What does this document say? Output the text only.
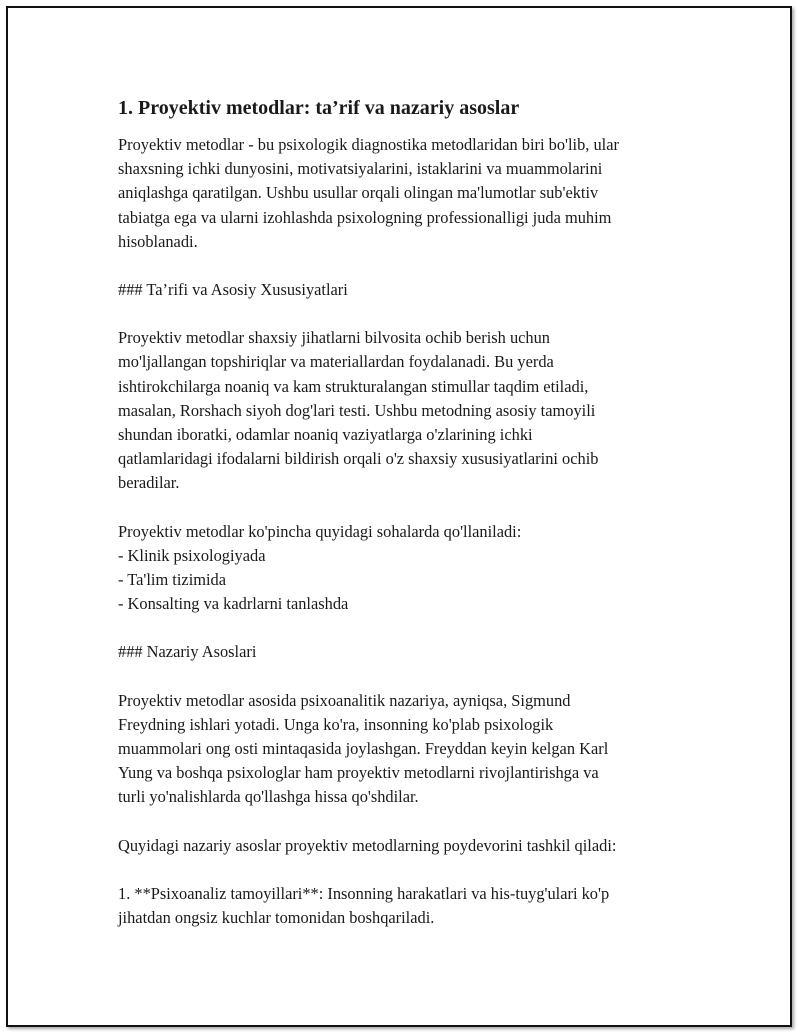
1. Proyektiv metodlar: ta’rif va nazariy asoslar

Proyektiv metodlar - bu psixologik diagnostika metodlaridan biri bo'lib, ular
shaxsning ichki dunyosini, motivatsiyalarini, istaklarini va muammolarini
aniqlashga qaratilgan. Ushbu usullar orqali olingan ma'lumotlar sub'ektiv
tabiatga ega va ularni izohlashda psixologning professionalligi juda muhim
hisoblanadi.

### Ta’rifi va Asosiy Xususiyatlari

Proyektiv metodlar shaxsiy jihatlarni bilvosita ochib berish uchun
mo'ljallangan topshiriqlar va materiallardan foydalanadi. Bu yerda
ishtirokchilarga noaniq va kam strukturalangan stimullar taqdim etiladi,
masalan, Rorshach siyoh dog'lari testi. Ushbu metodning asosiy tamoyili
shundan iboratki, odamlar noaniq vaziyatlarga o'zlarining ichki
qatlamlaridagi ifodalarni bildirish orqali o'z shaxsiy xususiyatlarini ochib
beradilar.

Proyektiv metodlar ko'pincha quyidagi sohalarda qo'llaniladi:

- Klinik psixologiyada
- Ta'lim tizimida
- Konsalting va kadrlarni tanlashda

### Nazariy Asoslari

Proyektiv metodlar asosida psixoanalitik nazariya, ayniqsa, Sigmund
Freydning ishlari yotadi. Unga ko'ra, insonning ko'plab psixologik
muammolari ong osti mintaqasida joylashgan. Freyddan keyin kelgan Karl
Yung va boshqa psixologlar ham proyektiv metodlarni rivojlantirishga va
turli yo'nalishlarda qo'llashga hissa qo'shdilar.

Quyidagi nazariy asoslar proyektiv metodlarning poydevorini tashkil qiladi:

1. **Psixoanaliz tamoyillari**: Insonning harakatlari va his-tuyg'ulari ko'p
jihatdan ongsiz kuchlar tomonidan boshqariladi.
